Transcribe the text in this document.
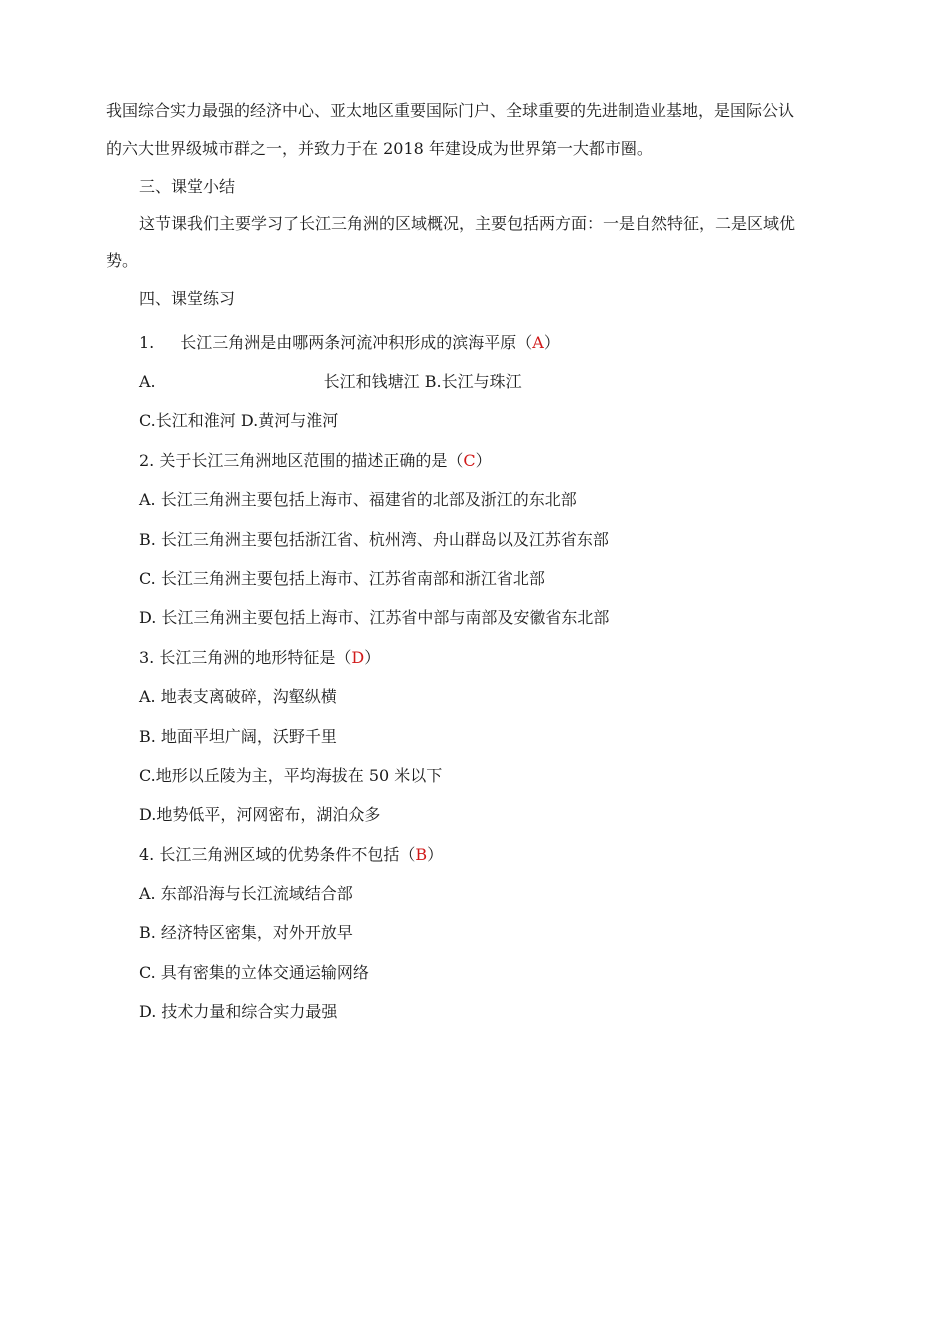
我国综合实力最强的经济中心、亚太地区重要国际门户、全球重要的先进制造业基地，是国际公认
的六大世界级城市群之一，并致力于在 2018 年建设成为世界第一大都市圈。
三、课堂小结
这节课我们主要学习了长江三角洲的区域概况，主要包括两方面：一是自然特征，二是区域优
势。
四、课堂练习
1. 长江三角洲是由哪两条河流冲积形成的滨海平原（A）
A.	长江和钱塘江 B.长江与珠江
C.长江和淮河 D.黄河与淮河
2. 关于长江三角洲地区范围的描述正确的是（C）
A. 长江三角洲主要包括上海市、福建省的北部及浙江的东北部
B. 长江三角洲主要包括浙江省、杭州湾、舟山群岛以及江苏省东部
C. 长江三角洲主要包括上海市、江苏省南部和浙江省北部
D. 长江三角洲主要包括上海市、江苏省中部与南部及安徽省东北部
3. 长江三角洲的地形特征是（D）
A. 地表支离破碎，沟壑纵横
B. 地面平坦广阔，沃野千里
C.地形以丘陵为主，平均海拔在 50 米以下
D.地势低平，河网密布，湖泊众多
4. 长江三角洲区域的优势条件不包括（B）
A. 东部沿海与长江流域结合部
B. 经济特区密集，对外开放早
C. 具有密集的立体交通运输网络
D. 技术力量和综合实力最强
